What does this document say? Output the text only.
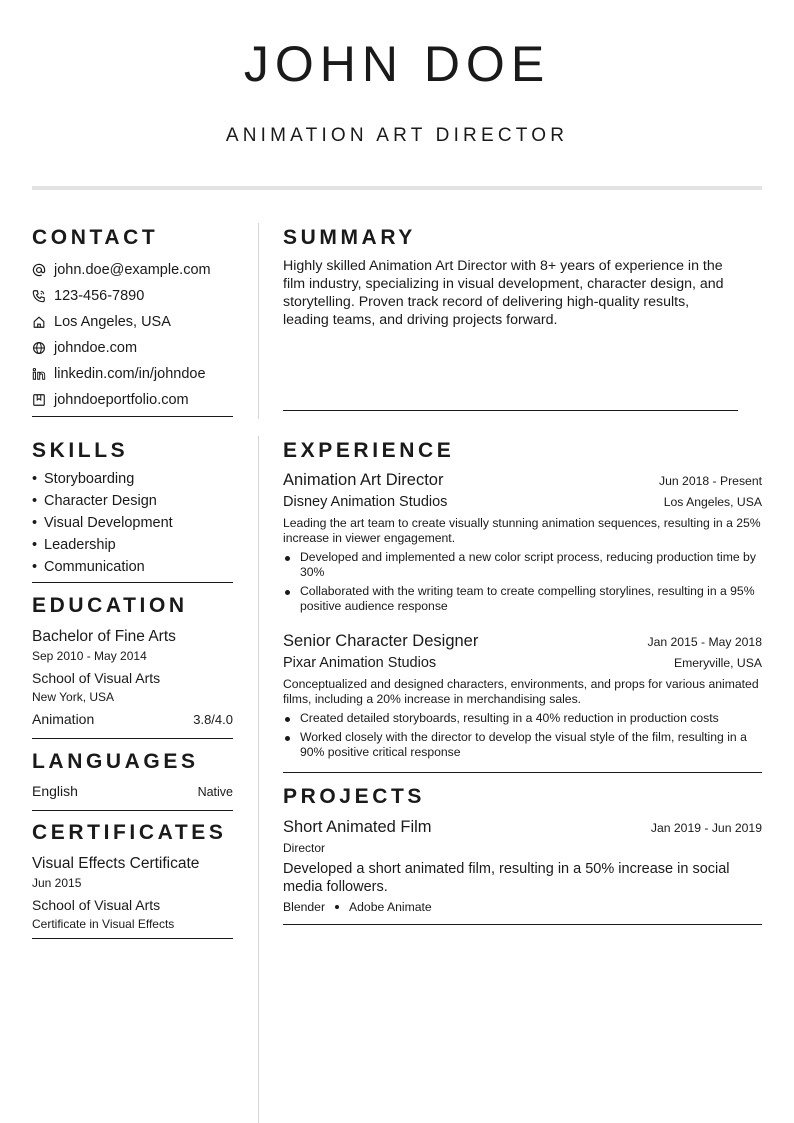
JOHN DOE
ANIMATION ART DIRECTOR
CONTACT
john.doe@example.com
123-456-7890
Los Angeles, USA
johndoe.com
linkedin.com/in/johndoe
johndoeportfolio.com
SUMMARY
Highly skilled Animation Art Director with 8+ years of experience in the film industry, specializing in visual development, character design, and storytelling. Proven track record of delivering high-quality results, leading teams, and driving projects forward.
SKILLS
• Storyboarding
• Character Design
• Visual Development
• Leadership
• Communication
EDUCATION
Bachelor of Fine Arts
Sep 2010 - May 2014
School of Visual Arts
New York, USA
Animation	3.8/4.0
LANGUAGES
English	Native
CERTIFICATES
Visual Effects Certificate
Jun 2015
School of Visual Arts
Certificate in Visual Effects
EXPERIENCE
Animation Art Director	Jun 2018 - Present
Disney Animation Studios	Los Angeles, USA
Leading the art team to create visually stunning animation sequences, resulting in a 25% increase in viewer engagement.
Developed and implemented a new color script process, reducing production time by 30%
Collaborated with the writing team to create compelling storylines, resulting in a 95% positive audience response
Senior Character Designer	Jan 2015 - May 2018
Pixar Animation Studios	Emeryville, USA
Conceptualized and designed characters, environments, and props for various animated films, including a 20% increase in merchandising sales.
Created detailed storyboards, resulting in a 40% reduction in production costs
Worked closely with the director to develop the visual style of the film, resulting in a 90% positive critical response
PROJECTS
Short Animated Film	Jan 2019 - Jun 2019
Director
Developed a short animated film, resulting in a 50% increase in social media followers.
Blender Adobe Animate
